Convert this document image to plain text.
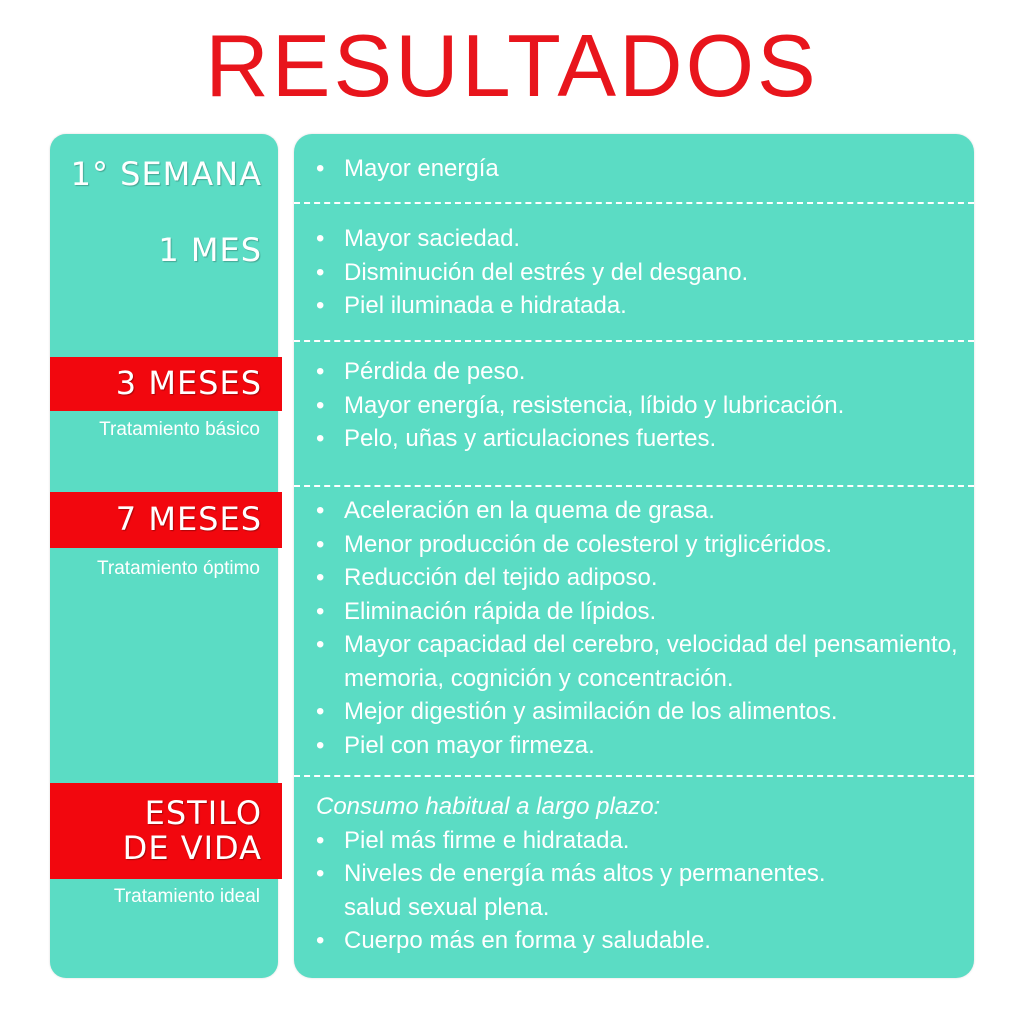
RESULTADOS
1° SEMANA	• Mayor energía
1 MES	• Mayor saciedad.
• Disminución del estrés y del desgano.
• Piel iluminada e hidratada.
3 MESES
Tratamiento básico
• Pérdida de peso.
• Mayor energía, resistencia, líbido y lubricación.
• Pelo, uñas y articulaciones fuertes.
7 MESES
Tratamiento óptimo
• Aceleración en la quema de grasa.
• Menor producción de colesterol y triglicéridos.
• Reducción del tejido adiposo.
• Eliminación rápida de lípidos.
• Mayor capacidad del cerebro, velocidad del pensamiento, memoria, cognición y concentración.
• Mejor digestión y asimilación de los alimentos.
• Piel con mayor firmeza.
ESTILO
DE VIDA
Tratamiento ideal
Consumo habitual a largo plazo:
• Piel más firme e hidratada.
• Niveles de energía más altos y permanentes.
salud sexual plena.
• Cuerpo más en forma y saludable.
